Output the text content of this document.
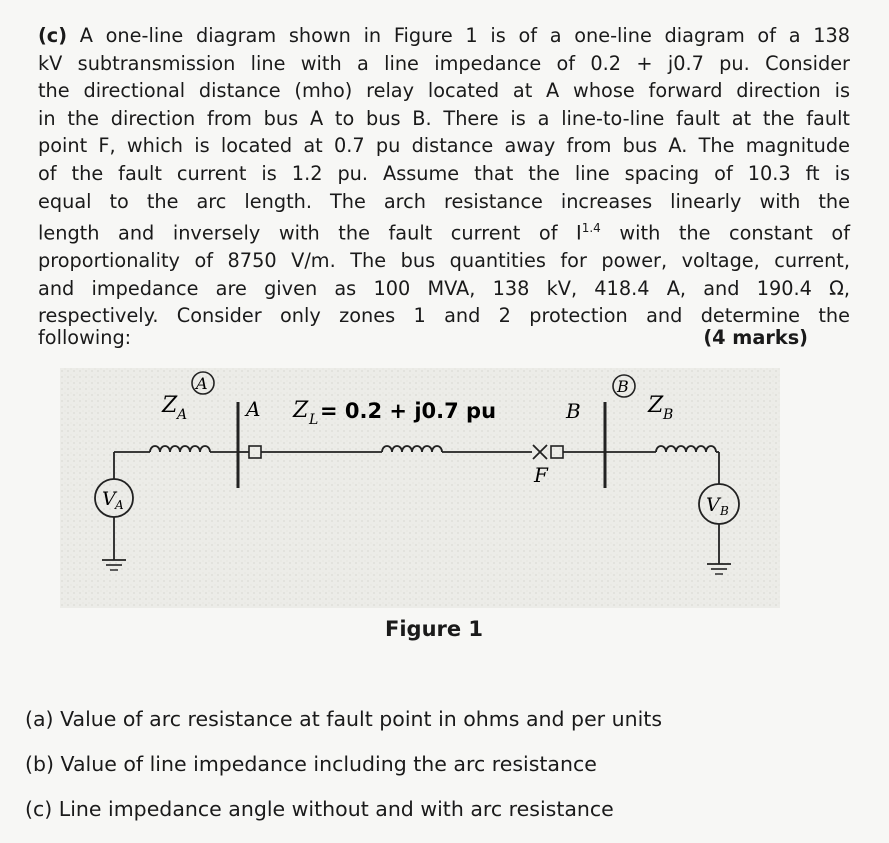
(c) A one-line diagram shown in Figure 1 is of a one-line diagram of a 138
kV subtransmission line with a line impedance of 0.2 + j0.7 pu. Consider
the directional distance (mho) relay located at A whose forward direction is
in the direction from bus A to bus B. There is a line-to-line fault at the fault
point F, which is located at 0.7 pu distance away from bus A. The magnitude
of the fault current is 1.2 pu. Assume that the line spacing of 10.3 ft is
equal to the arc length. The arch resistance increases linearly with the
length and inversely with the fault current of $I^{1.4}$ with the constant of
proportionality of 8750 V/m. The bus quantities for power, voltage, current,
and impedance are given as 100 MVA, 138 kV, 418.4 A, and 190.4 Ω,
respectively. Consider only zones 1 and 2 protection and determine the
following:	(4 marks)
V A
Z A
A
A Z L = 0.2 + j0.7 pu	B
F
B
Z B
V B
Figure 1
(a) Value of arc resistance at fault point in ohms and per units
(b) Value of line impedance including the arc resistance
(c) Line impedance angle without and with arc resistance
